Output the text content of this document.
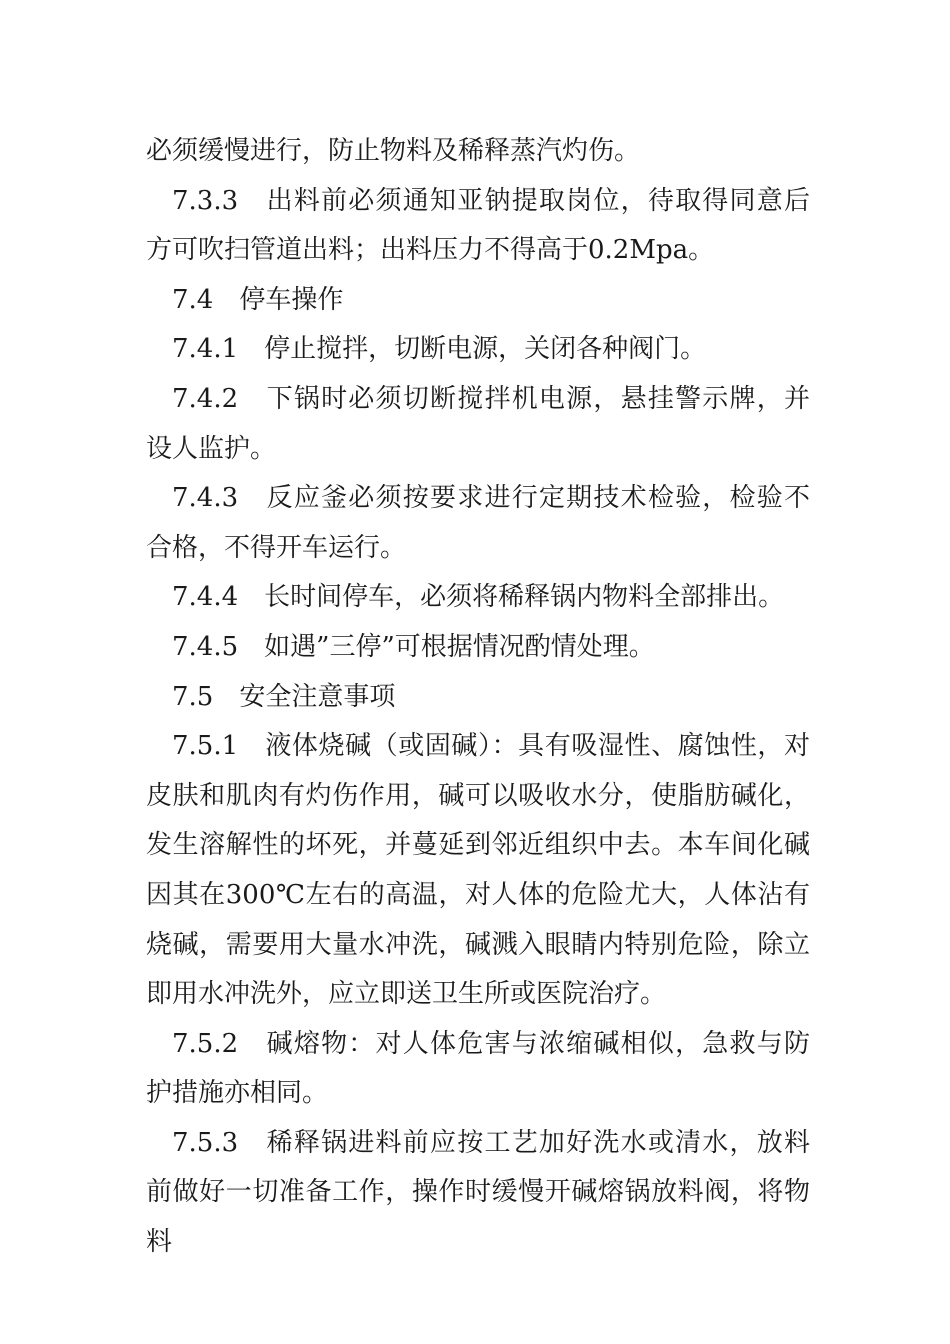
必须缓慢进行，防止物料及稀释蒸汽灼伤。

7.3.3　出料前必须通知亚钠提取岗位，待取得同意后方可吹扫管道出料；出料压力不得高于0.2Mpa。

7.4　停车操作

7.4.1　停止搅拌，切断电源，关闭各种阀门。

7.4.2　下锅时必须切断搅拌机电源，悬挂警示牌，并设人监护。

7.4.3　反应釜必须按要求进行定期技术检验，检验不合格，不得开车运行。

7.4.4　长时间停车，必须将稀释锅内物料全部排出。

7.4.5　如遇”三停”可根据情况酌情处理。

7.5　安全注意事项

7.5.1　液体烧碱（或固碱）：具有吸湿性、腐蚀性，对皮肤和肌肉有灼伤作用，碱可以吸收水分，使脂肪碱化，发生溶解性的坏死，并蔓延到邻近组织中去。本车间化碱因其在300℃左右的高温，对人体的危险尤大，人体沾有烧碱，需要用大量水冲洗，碱溅入眼睛内特别危险，除立即用水冲洗外，应立即送卫生所或医院治疗。

7.5.2　碱熔物：对人体危害与浓缩碱相似，急救与防护措施亦相同。

7.5.3　稀释锅进料前应按工艺加好洗水或清水，放料前做好一切准备工作，操作时缓慢开碱熔锅放料阀，将物料
